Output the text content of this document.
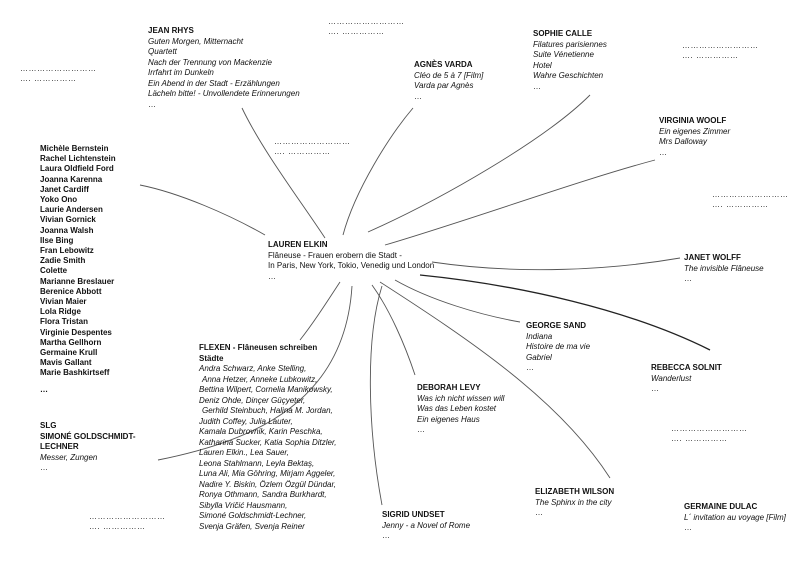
LAUREN ELKIN
Flâneuse - Frauen erobern die Stadt -
In Paris, New York, Tokio, Venedig und London
…
JEAN RHYS
Guten Morgen, Mitternacht
Quartett
Nach der Trennung von Mackenzie
Irrfahrt im Dunkeln
Ein Abend in der Stadt - Erzählungen
Lächeln bitte! - Unvollendete Erinnerungen
…
AGNÈS VARDA
Cléo de 5 à 7 [Film]
Varda par Agnès
…
SOPHIE CALLE
Filatures parisiennes
Suite Vénetienne
Hotel
Wahre Geschichten
…
VIRGINIA WOOLF
Ein eigenes Zimmer
Mrs Dalloway
…
JANET WOLFF
The invisible Flâneuse
…
REBECCA SOLNIT
Wanderlust
…
GEORGE SAND
Indiana
Histoire de ma vie
Gabriel
…
DEBORAH LEVY
Was ich nicht wissen will
Was das Leben kostet
Ein eigenes Haus
…
ELIZABETH WILSON
The Sphinx in the city
…
GERMAINE DULAC
L´ invitation au voyage [Film]
…
SIGRID UNDSET
Jenny - a Novel of Rome
…
FLEXEN - Flâneusen schreiben
Städte
Andra Schwarz, Anke Stelling,
Anna Hetzer, Anneke Lubkowitz,
Bettina Wilpert, Cornelia Manikowsky,
Deniz Ohde, Dinçer Güçyeter,
Gerhild Steinbuch, Halina M. Jordan,
Judith Coffey, Julia Lauter,
Kamala Dubrovnik, Karin Peschka,
Katharina Sucker, Katia Sophia Ditzler,
Lauren Elkin., Lea Sauer,
Leona Stahlmann, Leyla Bektaş,
Luna Ali, Mia Göhring, Mirjam Aggeler,
Nadire Y. Biskin, Özlem Özgül Dündar,
Ronya Othmann, Sandra Burkhardt,
Sibylla Vričić Hausmann,
Simoné Goldschmidt-Lechner,
Svenja Gräfen, Svenja Reiner
SLG
SIMONÉ GOLDSCHMIDT-
LECHNER
Messer, Zungen
…
Michèle Bernstein
Rachel Lichtenstein
Laura Oldfield Ford
Joanna Karenna
Janet Cardiff
Yoko Ono
Laurie Andersen
Vivian Gornick
Joanna Walsh
Ilse Bing
Fran Lebowitz
Zadie Smith
Colette
Marianne Breslauer
Berenice Abbott
Vivian Maier
Lola Ridge
Flora Tristan
Virginie Despentes
Martha Gellhorn
Germaine Krull
Mavis Gallant
Marie Bashkirtseff
…
………………………
…. ……………
………………………
…. ……………
………………………
…. ……………
………………………
…. ……………
………………………
…. ……………
………………………
…. ……………
………………………
…. ……………
